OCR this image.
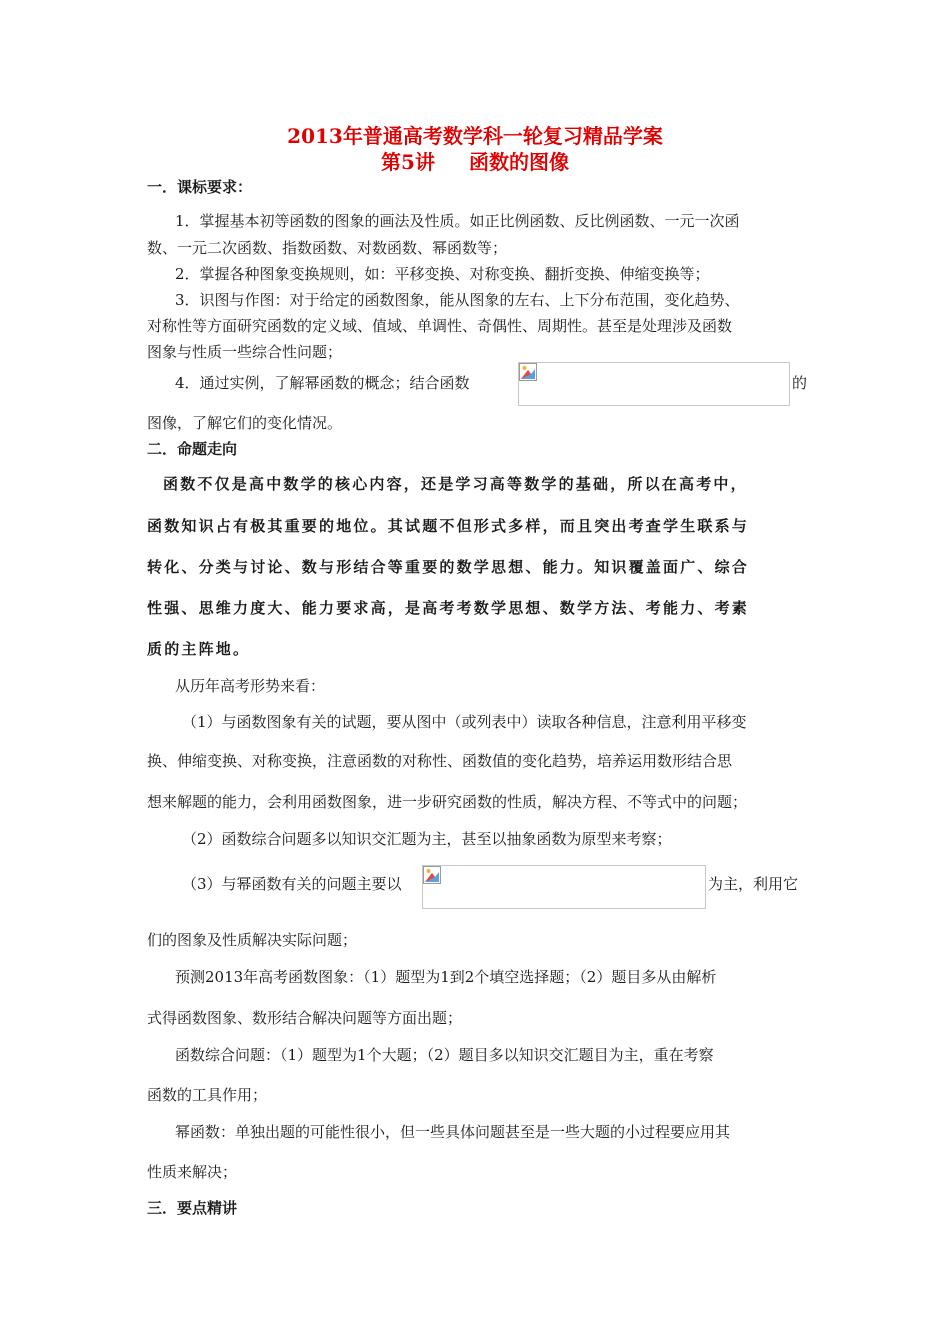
2013年普通高考数学科一轮复习精品学案
第5讲 函数的图像
一．课标要求：
1．掌握基本初等函数的图象的画法及性质。如正比例函数、反比例函数、一元一次函
数、一元二次函数、指数函数、对数函数、幂函数等；
2．掌握各种图象变换规则，如：平移变换、对称变换、翻折变换、伸缩变换等；
3．识图与作图：对于给定的函数图象，能从图象的左右、上下分布范围，变化趋势、
对称性等方面研究函数的定义域、值域、单调性、奇偶性、周期性。甚至是处理涉及函数
图象与性质一些综合性问题；
4．通过实例，了解幂函数的概念；结合函数	的
图像，了解它们的变化情况。
二．命题走向
函数不仅是高中数学的核心内容，还是学习高等数学的基础，所以在高考中，
函数知识占有极其重要的地位。其试题不但形式多样，而且突出考查学生联系与
转化、分类与讨论、数与形结合等重要的数学思想、能力。知识覆盖面广、综合
性强、思维力度大、能力要求高，是高考考数学思想、数学方法、考能力、考素
质的主阵地。
从历年高考形势来看：
（1）与函数图象有关的试题，要从图中（或列表中）读取各种信息，注意利用平移变
换、伸缩变换、对称变换，注意函数的对称性、函数值的变化趋势，培养运用数形结合思
想来解题的能力，会利用函数图象，进一步研究函数的性质，解决方程、不等式中的问题；
（2）函数综合问题多以知识交汇题为主，甚至以抽象函数为原型来考察；
（3）与幂函数有关的问题主要以	为主，利用它
们的图象及性质解决实际问题；
预测2013年高考函数图象：（1）题型为1到2个填空选择题；（2）题目多从由解析
式得函数图象、数形结合解决问题等方面出题；
函数综合问题：（1）题型为1个大题；（2）题目多以知识交汇题目为主，重在考察
函数的工具作用；
幂函数：单独出题的可能性很小，但一些具体问题甚至是一些大题的小过程要应用其
性质来解决；
三．要点精讲
